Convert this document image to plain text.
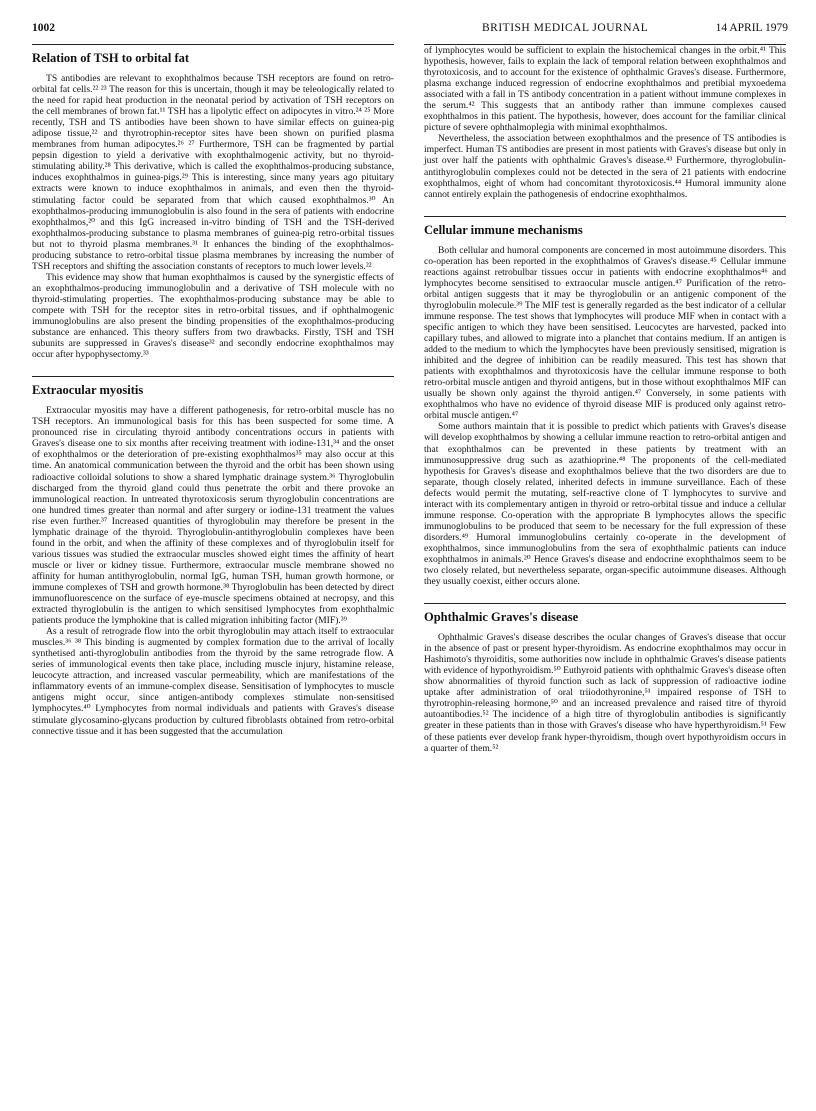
1002	BRITISH MEDICAL JOURNAL	14 APRIL 1979
Relation of TSH to orbital fat

TS antibodies are relevant to exophthalmos because TSH receptors are found on retro-orbital fat cells.²² ²³ The reason for this is uncertain, though it may be teleologically related to the need for rapid heat production in the neonatal period by activation of TSH receptors on the cell membranes of brown fat.¹¹ TSH has a lipolytic effect on adipocytes in vitro.²⁴ ²⁵ More recently, TSH and TS antibodies have been shown to have similar effects on guinea-pig adipose tissue,²² and thyrotrophin-receptor sites have been shown on purified plasma membranes from human adipocytes.²⁶ ²⁷ Furthermore, TSH can be fragmented by partial pepsin digestion to yield a derivative with exophthalmogenic activity, but no thyroid-stimulating ability.²⁸ This derivative, which is called the exophthalmos-producing substance, induces exophthalmos in guinea-pigs.²⁹ This is interesting, since many years ago pituitary extracts were known to induce exophthalmos in animals, and even then the thyroid-stimulating factor could be separated from that which caused exophthalmos.³⁰ An exophthalmos-producing immunoglobulin is also found in the sera of patients with endocrine exophthalmos,²⁰ and this IgG increased in-vitro binding of TSH and the TSH-derived exophthalmos-producing substance to plasma membranes of guinea-pig retro-orbital tissues but not to thyroid plasma membranes.³¹ It enhances the binding of the exophthalmos-producing substance to retro-orbital tissue plasma membranes by increasing the number of TSH receptors and shifting the association constants of receptors to much lower levels.²²

This evidence may show that human exophthalmos is caused by the synergistic effects of an exophthalmos-producing immunoglobulin and a derivative of TSH molecule with no thyroid-stimulating properties. The exophthalmos-producing substance may be able to compete with TSH for the receptor sites in retro-orbital tissues, and if ophthalmogenic immunoglobulins are also present the binding propensities of the exophthalmos-producing substance are enhanced. This theory suffers from two drawbacks. Firstly, TSH and TSH subunits are suppressed in Graves's disease³² and secondly endocrine exophthalmos may occur after hypophysectomy.³³

Extraocular myositis

Extraocular myositis may have a different pathogenesis, for retro-orbital muscle has no TSH receptors. An immunological basis for this has been suspected for some time. A pronounced rise in circulating thyroid antibody concentrations occurs in patients with Graves's disease one to six months after receiving treatment with iodine-131,³⁴ and the onset of exophthalmos or the deterioration of pre-existing exophthalmos³⁵ may also occur at this time. An anatomical communication between the thyroid and the orbit has been shown using radioactive colloidal solutions to show a shared lymphatic drainage system.³⁶ Thyroglobulin discharged from the thyroid gland could thus penetrate the orbit and there provoke an immunological reaction. In untreated thyrotoxicosis serum thyroglobulin concentrations are one hundred times greater than normal and after surgery or iodine-131 treatment the values rise even further.³⁷ Increased quantities of thyroglobulin may therefore be present in the lymphatic drainage of the thyroid. Thyroglobulin-antithyroglobulin complexes have been found in the orbit, and when the affinity of these complexes and of thyroglobulin itself for various tissues was studied the extraocular muscles showed eight times the affinity of heart muscle or liver or kidney tissue. Furthermore, extraocular muscle membrane showed no affinity for human antithyroglobulin, normal IgG, human TSH, human growth hormone, or immune complexes of TSH and growth hormone.³⁸ Thyroglobulin has been detected by direct immunofluorescence on the surface of eye-muscle specimens obtained at necropsy, and this extracted thyroglobulin is the antigen to which sensitised lymphocytes from exophthalmic patients produce the lymphokine that is called migration inhibiting factor (MIF).³⁹

As a result of retrograde flow into the orbit thyroglobulin may attach itself to extraocular muscles.³⁶ ³⁸ This binding is augmented by complex formation due to the arrival of locally synthetised anti-thyroglobulin antibodies from the thyroid by the same retrograde flow. A series of immunological events then take place, including muscle injury, histamine release, leucocyte attraction, and increased vascular permeability, which are manifestations of the inflammatory events of an immune-complex disease. Sensitisation of lymphocytes to muscle antigens might occur, since antigen-antibody complexes stimulate non-sensitised lymphocytes.⁴⁰ Lymphocytes from normal individuals and patients with Graves's disease stimulate glycosamino-glycans production by cultured fibroblasts obtained from retro-orbital connective tissue and it has been suggested that the accumulation

of lymphocytes would be sufficient to explain the histochemical changes in the orbit.⁴¹ This hypothesis, however, fails to explain the lack of temporal relation between exophthalmos and thyrotoxicosis, and to account for the existence of ophthalmic Graves's disease. Furthermore, plasma exchange induced regression of endocrine exophthalmos and pretibial myxoedema associated with a fall in TS antibody concentration in a patient without immune complexes in the serum.⁴² This suggests that an antibody rather than immune complexes caused exophthalmos in this patient. The hypothesis, however, does account for the familiar clinical picture of severe ophthalmoplegia with minimal exophthalmos.

Nevertheless, the association between exophthalmos and the presence of TS antibodies is imperfect. Human TS antibodies are present in most patients with Graves's disease but only in just over half the patients with ophthalmic Graves's disease.⁴³ Furthermore, thyroglobulin-antithyroglobulin complexes could not be detected in the sera of 21 patients with endocrine exophthalmos, eight of whom had concomitant thyrotoxicosis.⁴⁴ Humoral immunity alone cannot entirely explain the pathogenesis of endocrine exophthalmos.

Cellular immune mechanisms

Both cellular and humoral components are concerned in most autoimmune disorders. This co-operation has been reported in the exophthalmos of Graves's disease.⁴⁵ Cellular immune reactions against retrobulbar tissues occur in patients with endocrine exophthalmos⁴⁶ and lymphocytes become sensitised to extraocular muscle antigen.⁴⁷ Purification of the retro-orbital antigen suggests that it may be thyroglobulin or an antigenic component of the thyroglobulin molecule.³⁹ The MIF test is generally regarded as the best indicator of a cellular immune response. The test shows that lymphocytes will produce MIF when in contact with a specific antigen to which they have been sensitised. Leucocytes are harvested, packed into capillary tubes, and allowed to migrate into a planchet that contains medium. If an antigen is added to the medium to which the lymphocytes have been previously sensitised, migration is inhibited and the degree of inhibition can be readily measured. This test has shown that patients with exophthalmos and thyrotoxicosis have the cellular immune response to both retro-orbital muscle antigen and thyroid antigens, but in those without exophthalmos MIF can usually be shown only against the thyroid antigen.⁴⁷ Conversely, in some patients with exophthalmos who have no evidence of thyroid disease MIF is produced only against retro-orbital muscle antigen.⁴⁷

Some authors maintain that it is possible to predict which patients with Graves's disease will develop exophthalmos by showing a cellular immune reaction to retro-orbital antigen and that exophthalmos can be prevented in these patients by treatment with an immunosuppressive drug such as azathioprine.⁴⁸ The proponents of the cell-mediated hypothesis for Graves's disease and exophthalmos believe that the two disorders are due to separate, though closely related, inherited defects in immune surveillance. Each of these defects would permit the mutating, self-reactive clone of T lymphocytes to survive and interact with its complementary antigen in thyroid or retro-orbital tissue and induce a cellular immune response. Co-operation with the appropriate B lymphocytes allows the specific immunoglobulins to be produced that seem to be necessary for the full expression of these disorders.⁴⁹ Humoral immunoglobulins certainly co-operate in the development of exophthalmos, since immunoglobulins from the sera of exophthalmic patients can induce exophthalmos in animals.²⁰ Hence Graves's disease and endocrine exophthalmos seem to be two closely related, but nevertheless separate, organ-specific autoimmune diseases. Although they usually coexist, either occurs alone.

Ophthalmic Graves's disease

Ophthalmic Graves's disease describes the ocular changes of Graves's disease that occur in the absence of past or present hyper-thyroidism. As endocrine exophthalmos may occur in Hashimoto's thyroiditis, some authorities now include in ophthalmic Graves's disease patients with evidence of hypothyroidism.⁵⁰ Euthyroid patients with ophthalmic Graves's disease often show abnormalities of thyroid function such as lack of suppression of radioactive iodine uptake after administration of oral triiodothyronine,⁵¹ impaired response of TSH to thyrotrophin-releasing hormone,⁵⁰ and an increased prevalence and raised titre of thyroid autoantibodies.⁵² The incidence of a high titre of thyroglobulin antibodies is significantly greater in these patients than in those with Graves's disease who have hyperthyroidism.⁵¹ Few of these patients ever develop frank hyper-thyroidism, though overt hypothyroidism occurs in a quarter of them.⁵²
